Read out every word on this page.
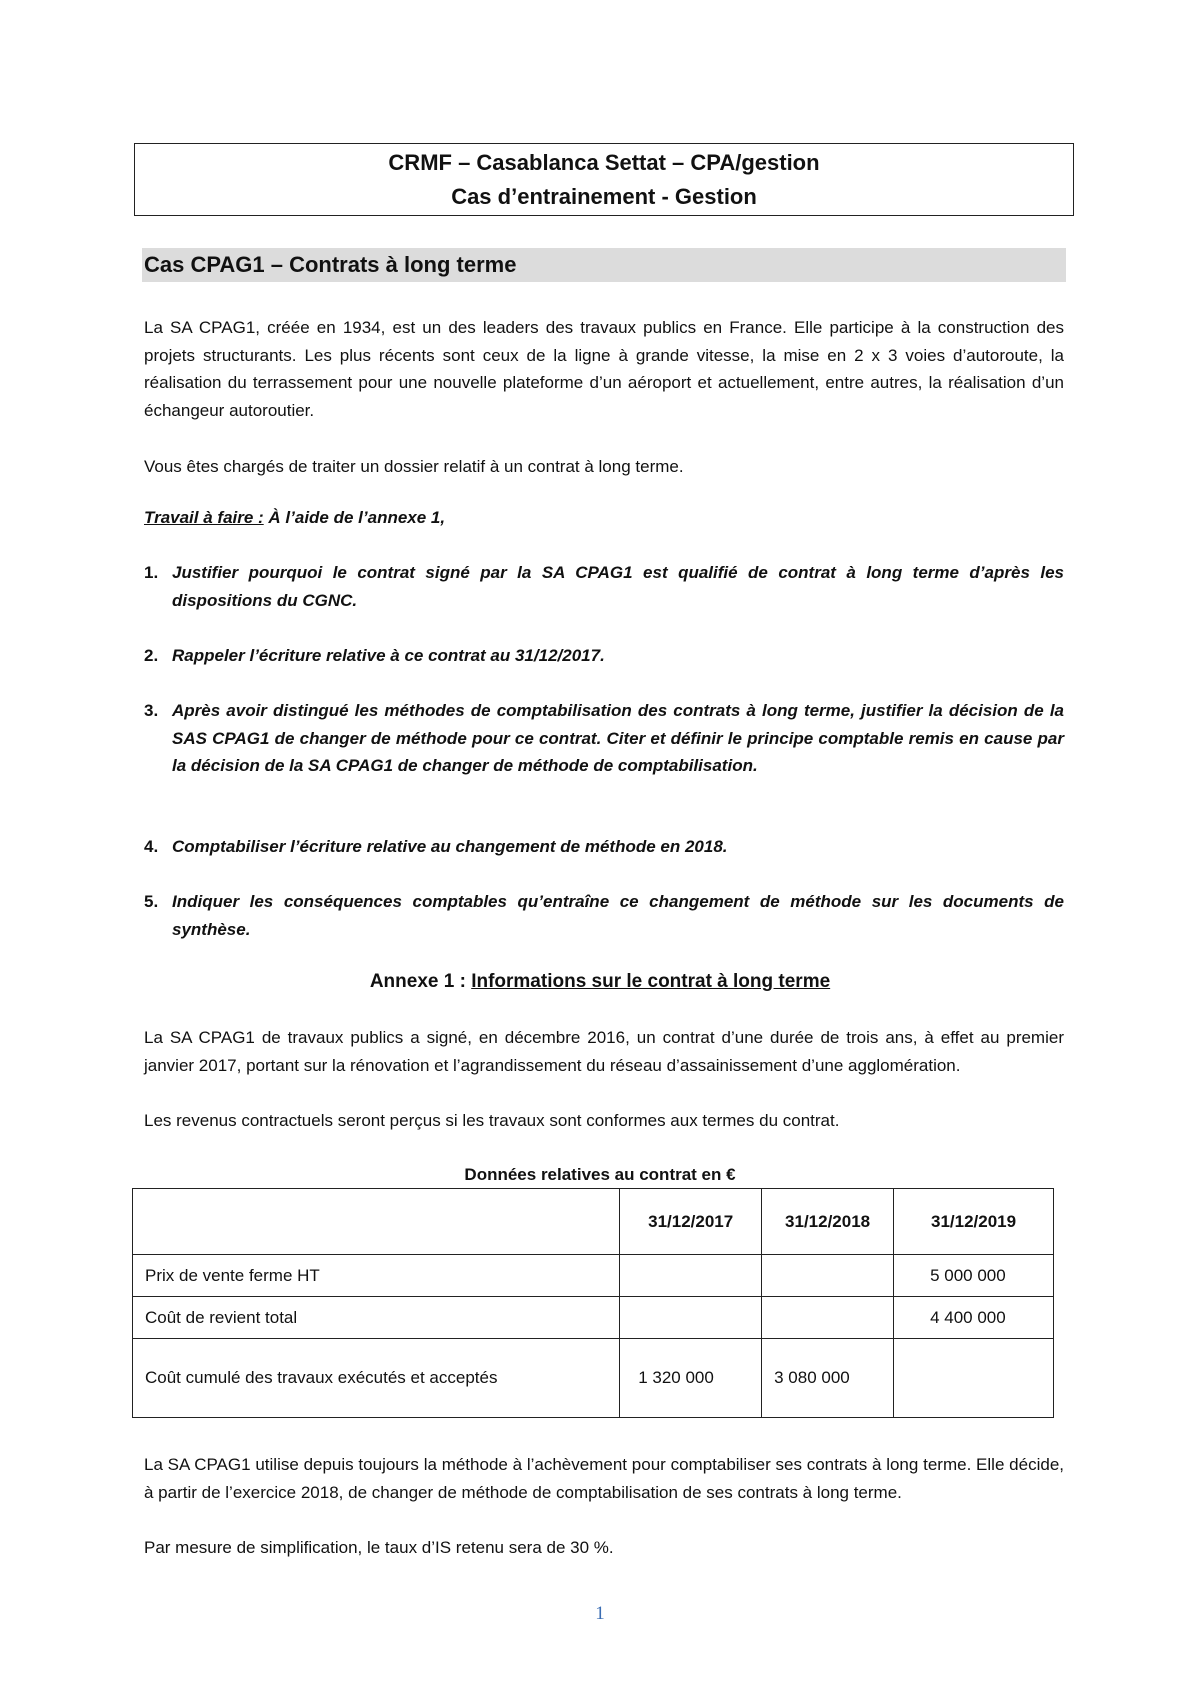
CRMF – Casablanca Settat – CPA/gestion
Cas d’entrainement - Gestion
Cas CPAG1 – Contrats à long terme
La SA CPAG1, créée en 1934, est un des leaders des travaux publics en France. Elle participe à la construction des projets structurants. Les plus récents sont ceux de la ligne à grande vitesse, la mise en 2 x 3 voies d’autoroute, la réalisation du terrassement pour une nouvelle plateforme d’un aéroport et actuellement, entre autres, la réalisation d’un échangeur autoroutier.
Vous êtes chargés de traiter un dossier relatif à un contrat à long terme.
Travail à faire : À l’aide de l’annexe 1,
1. Justifier pourquoi le contrat signé par la SA CPAG1 est qualifié de contrat à long terme d’après les dispositions du CGNC.
2. Rappeler l’écriture relative à ce contrat au 31/12/2017.
3. Après avoir distingué les méthodes de comptabilisation des contrats à long terme, justifier la décision de la SAS CPAG1 de changer de méthode pour ce contrat. Citer et définir le principe comptable remis en cause par la décision de la SA CPAG1 de changer de méthode de comptabilisation.
4. Comptabiliser l’écriture relative au changement de méthode en 2018.
5. Indiquer les conséquences comptables qu’entraîne ce changement de méthode sur les documents de synthèse.
Annexe 1 : Informations sur le contrat à long terme
La SA CPAG1 de travaux publics a signé, en décembre 2016, un contrat d’une durée de trois ans, à effet au premier janvier 2017, portant sur la rénovation et l’agrandissement du réseau d’assainissement d’une agglomération.
Les revenus contractuels seront perçus si les travaux sont conformes aux termes du contrat.
Données relatives au contrat en €
	31/12/2017	31/12/2018	31/12/2019
Prix de vente ferme HT			5 000 000
Coût de revient total			4 400 000
Coût cumulé des travaux exécutés et acceptés	1 320 000	3 080 000	
La SA CPAG1 utilise depuis toujours la méthode à l’achèvement pour comptabiliser ses contrats à long terme. Elle décide, à partir de l’exercice 2018, de changer de méthode de comptabilisation de ses contrats à long terme.
Par mesure de simplification, le taux d’IS retenu sera de 30 %.
1
